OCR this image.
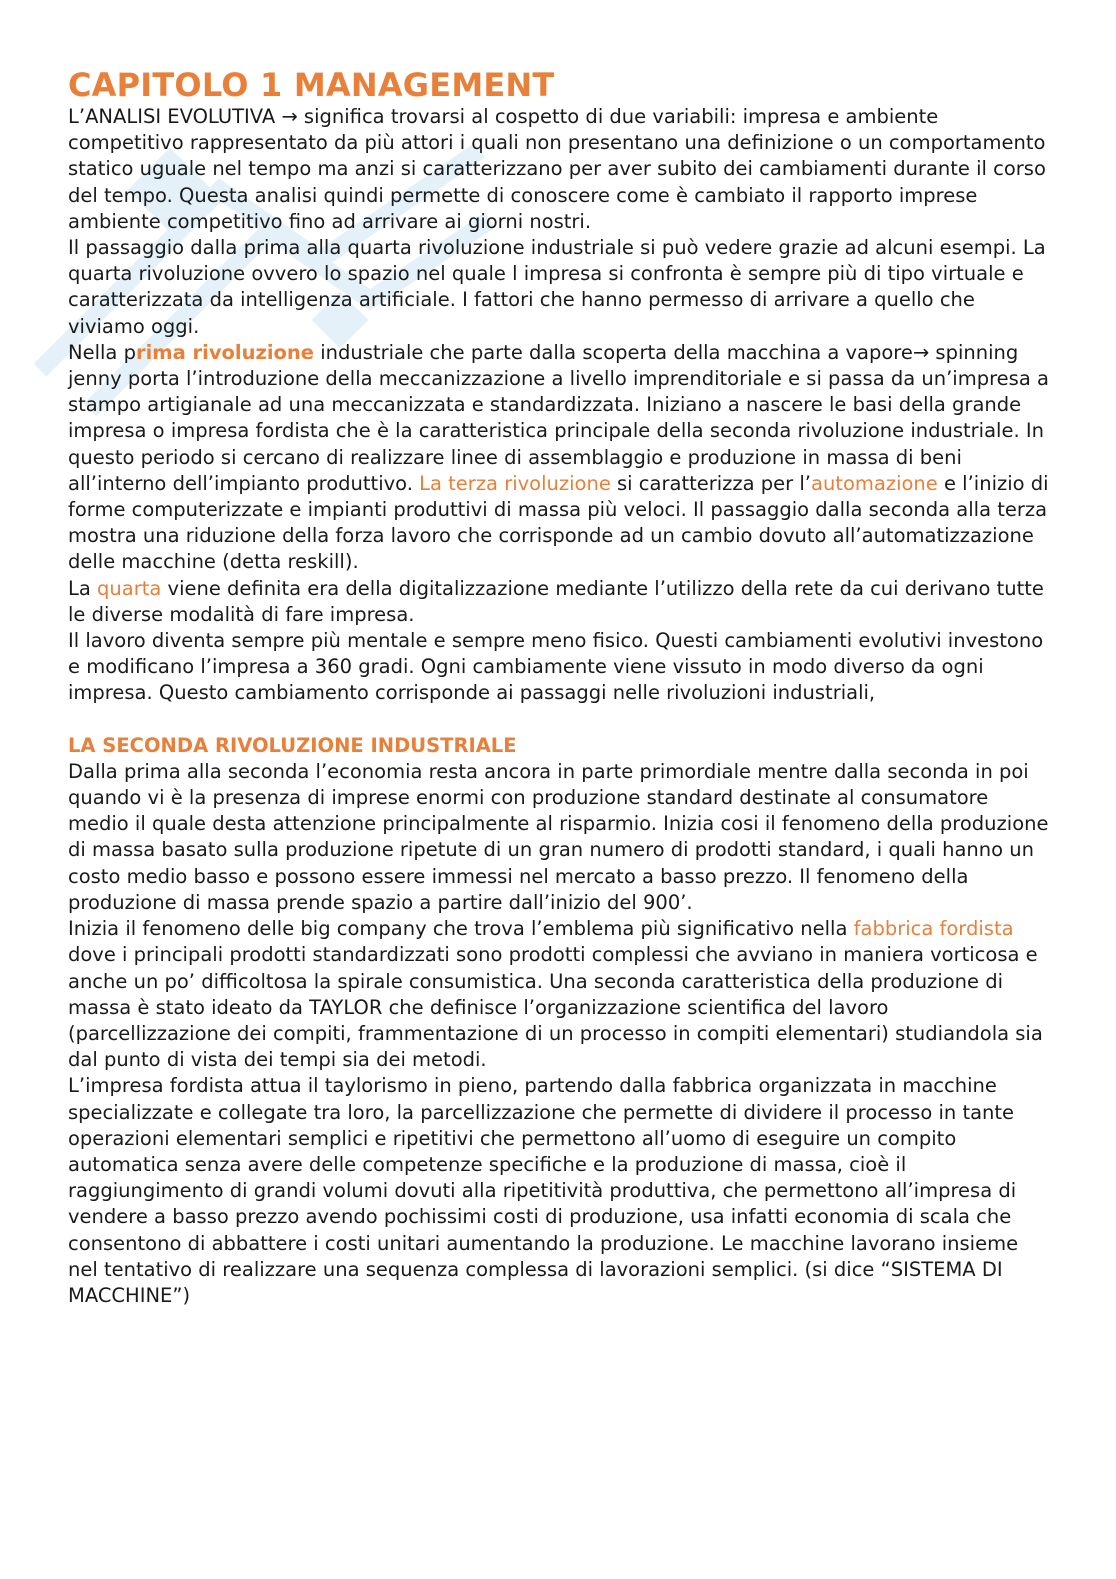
CAPITOLO 1 MANAGEMENT

L’ANALISI EVOLUTIVA → significa trovarsi al cospetto di due variabili: impresa e ambiente competitivo rappresentato da più attori i quali non presentano una definizione o un comportamento statico uguale nel tempo ma anzi si caratterizzano per aver subito dei cambiamenti durante il corso del tempo. Questa analisi quindi permette di conoscere come è cambiato il rapporto imprese ambiente competitivo fino ad arrivare ai giorni nostri.

Il passaggio dalla prima alla quarta rivoluzione industriale si può vedere grazie ad alcuni esempi. La quarta rivoluzione ovvero lo spazio nel quale l impresa si confronta è sempre più di tipo virtuale e caratterizzata da intelligenza artificiale. I fattori che hanno permesso di arrivare a quello che viviamo oggi.

Nella prima rivoluzione industriale che parte dalla scoperta della macchina a vapore→ spinning jenny porta l’introduzione della meccanizzazione a livello imprenditoriale e si passa da un’impresa a stampo artigianale ad una meccanizzata e standardizzata. Iniziano a nascere le basi della grande impresa o impresa fordista che è la caratteristica principale della seconda rivoluzione industriale. In questo periodo si cercano di realizzare linee di assemblaggio e produzione in massa di beni all’interno dell’impianto produttivo. La terza rivoluzione si caratterizza per l’automazione e l’inizio di forme computerizzate e impianti produttivi di massa più veloci. Il passaggio dalla seconda alla terza mostra una riduzione della forza lavoro che corrisponde ad un cambio dovuto all’automatizzazione delle macchine (detta reskill).

La quarta viene definita era della digitalizzazione mediante l’utilizzo della rete da cui derivano tutte le diverse modalità di fare impresa.

Il lavoro diventa sempre più mentale e sempre meno fisico. Questi cambiamenti evolutivi investono e modificano l’impresa a 360 gradi. Ogni cambiamente viene vissuto in modo diverso da ogni impresa. Questo cambiamento corrisponde ai passaggi nelle rivoluzioni industriali,

LA SECONDA RIVOLUZIONE INDUSTRIALE

Dalla prima alla seconda l’economia resta ancora in parte primordiale mentre dalla seconda in poi quando vi è la presenza di imprese enormi con produzione standard destinate al consumatore medio il quale desta attenzione principalmente al risparmio. Inizia cosi il fenomeno della produzione di massa basato sulla produzione ripetute di un gran numero di prodotti standard, i quali hanno un costo medio basso e possono essere immessi nel mercato a basso prezzo. Il fenomeno della produzione di massa prende spazio a partire dall’inizio del 900’.

Inizia il fenomeno delle big company che trova l’emblema più significativo nella fabbrica fordista dove i principali prodotti standardizzati sono prodotti complessi che avviano in maniera vorticosa e anche un po’ difficoltosa la spirale consumistica. Una seconda caratteristica della produzione di massa è stato ideato da TAYLOR che definisce l’organizzazione scientifica del lavoro (parcellizzazione dei compiti, frammentazione di un processo in compiti elementari) studiandola sia dal punto di vista dei tempi sia dei metodi.

L’impresa fordista attua il taylorismo in pieno, partendo dalla fabbrica organizzata in macchine specializzate e collegate tra loro, la parcellizzazione che permette di dividere il processo in tante operazioni elementari semplici e ripetitivi che permettono all’uomo di eseguire un compito automatica senza avere delle competenze specifiche e la produzione di massa, cioè il raggiungimento di grandi volumi dovuti alla ripetitività produttiva, che permettono all’impresa di vendere a basso prezzo avendo pochissimi costi di produzione, usa infatti economia di scala che consentono di abbattere i costi unitari aumentando la produzione. Le macchine lavorano insieme nel tentativo di realizzare una sequenza complessa di lavorazioni semplici. (si dice “SISTEMA DI MACCHINE”)
